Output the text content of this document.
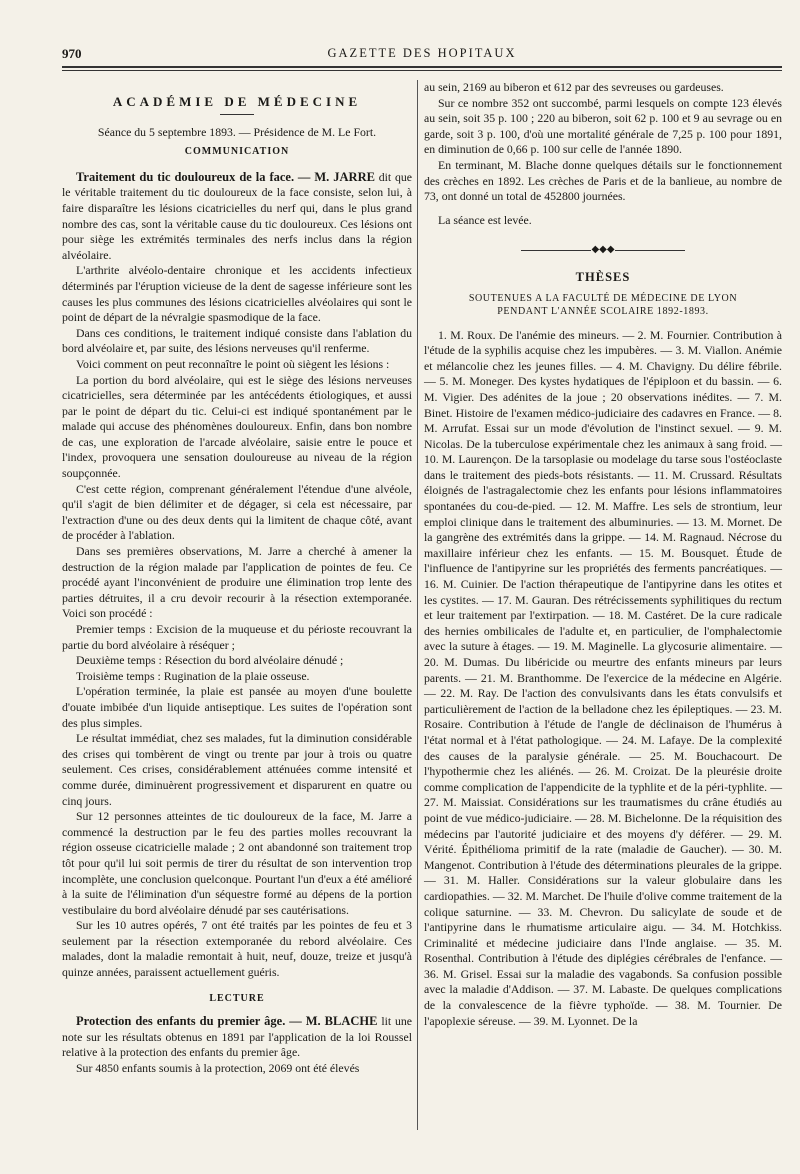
970	GAZETTE DES HOPITAUX

ACADÉMIE DE MÉDECINE

Séance du 5 septembre 1893. — Présidence de M. Le Fort.

COMMUNICATION

Traitement du tic douloureux de la face. — M. JARRE dit que le véritable traitement du tic douloureux de la face consiste, selon lui, à faire disparaître les lésions cicatricielles du nerf qui, dans le plus grand nombre des cas, sont la véritable cause du tic douloureux. Ces lésions ont pour siège les extrémités terminales des nerfs inclus dans la région alvéolaire.

L'arthrite alvéolo-dentaire chronique et les accidents infectieux déterminés par l'éruption vicieuse de la dent de sagesse inférieure sont les causes les plus communes des lésions cicatricielles alvéolaires qui sont le point de départ de la névralgie spasmodique de la face.

Dans ces conditions, le traitement indiqué consiste dans l'ablation du bord alvéolaire et, par suite, des lésions nerveuses qu'il renferme.

Voici comment on peut reconnaître le point où siègent les lésions :

La portion du bord alvéolaire, qui est le siège des lésions nerveuses cicatricielles, sera déterminée par les antécédents étiologiques, et aussi par le point de départ du tic. Celui-ci est indiqué spontanément par le malade qui accuse des phénomènes douloureux. Enfin, dans bon nombre de cas, une exploration de l'arcade alvéolaire, saisie entre le pouce et l'index, provoquera une sensation douloureuse au niveau de la région soupçonnée.

C'est cette région, comprenant généralement l'étendue d'une alvéole, qu'il s'agit de bien délimiter et de dégager, si cela est nécessaire, par l'extraction d'une ou des deux dents qui la limitent de chaque côté, avant de procéder à l'ablation.

Dans ses premières observations, M. Jarre a cherché à amener la destruction de la région malade par l'application de pointes de feu. Ce procédé ayant l'inconvénient de produire une élimination trop lente des parties détruites, il a cru devoir recourir à la résection extemporanée. Voici son procédé :

Premier temps : Excision de la muqueuse et du périoste recouvrant la partie du bord alvéolaire à réséquer ;

Deuxième temps : Résection du bord alvéolaire dénudé ;

Troisième temps : Rugination de la plaie osseuse.

L'opération terminée, la plaie est pansée au moyen d'une boulette d'ouate imbibée d'un liquide antiseptique. Les suites de l'opération sont des plus simples.

Le résultat immédiat, chez ses malades, fut la diminution considérable des crises qui tombèrent de vingt ou trente par jour à trois ou quatre seulement. Ces crises, considérablement atténuées comme intensité et comme durée, diminuèrent progressivement et disparurent en quatre ou cinq jours.

Sur 12 personnes atteintes de tic douloureux de la face, M. Jarre a commencé la destruction par le feu des parties molles recouvrant la région osseuse cicatricielle malade ; 2 ont abandonné son traitement trop tôt pour qu'il lui soit permis de tirer du résultat de son intervention trop incomplète, une conclusion quelconque. Pourtant l'un d'eux a été amélioré à la suite de l'élimination d'un séquestre formé au dépens de la portion vestibulaire du bord alvéolaire dénudé par ses cautérisations.

Sur les 10 autres opérés, 7 ont été traités par les pointes de feu et 3 seulement par la résection extemporanée du rebord alvéolaire. Ces malades, dont la maladie remontait à huit, neuf, douze, treize et jusqu'à quinze années, paraissent actuellement guéris.

LECTURE

Protection des enfants du premier âge. — M. BLACHE lit une note sur les résultats obtenus en 1891 par l'application de la loi Roussel relative à la protection des enfants du premier âge.

Sur 4850 enfants soumis à la protection, 2069 ont été élevés

au sein, 2169 au biberon et 612 par des sevreuses ou gardeuses.

Sur ce nombre 352 ont succombé, parmi lesquels on compte 123 élevés au sein, soit 35 p. 100 ; 220 au biberon, soit 62 p. 100 et 9 au sevrage ou en garde, soit 3 p. 100, d'où une mortalité générale de 7,25 p. 100 pour 1891, en diminution de 0,66 p. 100 sur celle de l'année 1890.

En terminant, M. Blache donne quelques détails sur le fonctionnement des crèches en 1892. Les crèches de Paris et de la banlieue, au nombre de 73, ont donné un total de 452800 journées.

La séance est levée.

◆◆◆

THÈSES

SOUTENUES A LA FACULTÉ DE MÉDECINE DE LYON
PENDANT L'ANNÉE SCOLAIRE 1892-1893.

1. M. Roux. De l'anémie des mineurs. — 2. M. Fournier. Contribution à l'étude de la syphilis acquise chez les impubères. — 3. M. Viallon. Anémie et mélancolie chez les jeunes filles. — 4. M. Chavigny. Du délire fébrile. — 5. M. Moneger. Des kystes hydatiques de l'épiploon et du bassin. — 6. M. Vigier. Des adénites de la joue ; 20 observations inédites. — 7. M. Binet. Histoire de l'examen médico-judiciaire des cadavres en France. — 8. M. Arrufat. Essai sur un mode d'évolution de l'instinct sexuel. — 9. M. Nicolas. De la tuberculose expérimentale chez les animaux à sang froid. — 10. M. Laurençon. De la tarsoplasie ou modelage du tarse sous l'ostéoclaste dans le traitement des pieds-bots résistants. — 11. M. Crussard. Résultats éloignés de l'astragalectomie chez les enfants pour lésions inflammatoires spontanées du cou-de-pied. — 12. M. Maffre. Les sels de strontium, leur emploi clinique dans le traitement des albuminuries. — 13. M. Mornet. De la gangrène des extrémités dans la grippe. — 14. M. Ragnaud. Nécrose du maxillaire inférieur chez les enfants. — 15. M. Bousquet. Étude de l'influence de l'antipyrine sur les propriétés des ferments pancréatiques. — 16. M. Cuinier. De l'action thérapeutique de l'antipyrine dans les otites et les cystites. — 17. M. Gauran. Des rétrécissements syphilitiques du rectum et leur traitement par l'extirpation. — 18. M. Castéret. De la cure radicale des hernies ombilicales de l'adulte et, en particulier, de l'omphalectomie avec la suture à étages. — 19. M. Maginelle. La glycosurie alimentaire. — 20. M. Dumas. Du libéricide ou meurtre des enfants mineurs par leurs parents. — 21. M. Branthomme. De l'exercice de la médecine en Algérie. — 22. M. Ray. De l'action des convulsivants dans les états convulsifs et particulièrement de l'action de la belladone chez les épileptiques. — 23. M. Rosaire. Contribution à l'étude de l'angle de déclinaison de l'humérus à l'état normal et à l'état pathologique. — 24. M. Lafaye. De la complexité des causes de la paralysie générale. — 25. M. Bouchacourt. De l'hypothermie chez les aliénés. — 26. M. Croizat. De la pleurésie droite comme complication de l'appendicite de la typhlite et de la péri-typhlite. — 27. M. Maissiat. Considérations sur les traumatismes du crâne étudiés au point de vue médico-judiciaire. — 28. M. Bichelonne. De la réquisition des médecins par l'autorité judiciaire et des moyens d'y déférer. — 29. M. Vérité. Épithélioma primitif de la rate (maladie de Gaucher). — 30. M. Mangenot. Contribution à l'étude des déterminations pleurales de la grippe. — 31. M. Haller. Considérations sur la valeur globulaire dans les cardiopathies. — 32. M. Marchet. De l'huile d'olive comme traitement de la colique saturnine. — 33. M. Chevron. Du salicylate de soude et de l'antipyrine dans le rhumatisme articulaire aigu. — 34. M. Hotchkiss. Criminalité et médecine judiciaire dans l'Inde anglaise. — 35. M. Rosenthal. Contribution à l'étude des diplégies cérébrales de l'enfance. — 36. M. Grisel. Essai sur la maladie des vagabonds. Sa confusion possible avec la maladie d'Addison. — 37. M. Labaste. De quelques complications de la convalescence de la fièvre typhoïde. — 38. M. Tournier. De l'apoplexie séreuse. — 39. M. Lyonnet. De la
